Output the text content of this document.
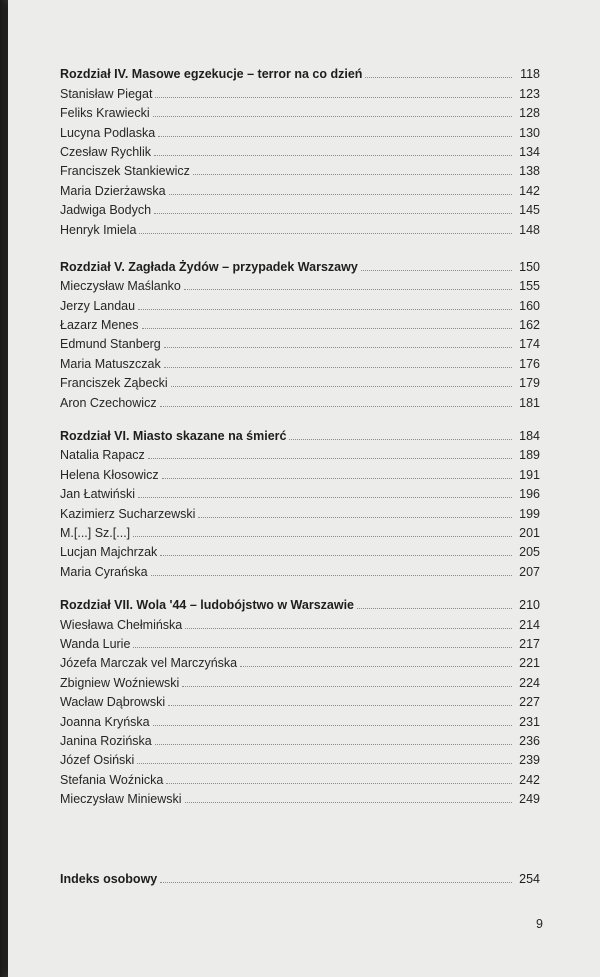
Rozdział IV. Masowe egzekucje – terror na co dzień	118
Stanisław Piegat	123
Feliks Krawiecki	128
Lucyna Podlaska	130
Czesław Rychlik	134
Franciszek Stankiewicz	138
Maria Dzierżawska	142
Jadwiga Bodych	145
Henryk Imiela	148
Rozdział V. Zagłada Żydów – przypadek Warszawy	150
Mieczysław Maślanko	155
Jerzy Landau	160
Łazarz Menes	162
Edmund Stanberg	174
Maria Matuszczak	176
Franciszek Ząbecki	179
Aron Czechowicz	181
Rozdział VI. Miasto skazane na śmierć	184
Natalia Rapacz	189
Helena Kłosowicz	191
Jan Łatwiński	196
Kazimierz Sucharzewski	199
M.[...] Sz.[...]	201
Lucjan Majchrzak	205
Maria Cyrańska	207
Rozdział VII. Wola '44 – ludobójstwo w Warszawie	210
Wiesława Chełmińska	214
Wanda Lurie	217
Józefa Marczak vel Marczyńska	221
Zbigniew Woźniewski	224
Wacław Dąbrowski	227
Joanna Kryńska	231
Janina Rozińska	236
Józef Osiński	239
Stefania Woźnicka	242
Mieczysław Miniewski	249
Indeks osobowy	254
9
